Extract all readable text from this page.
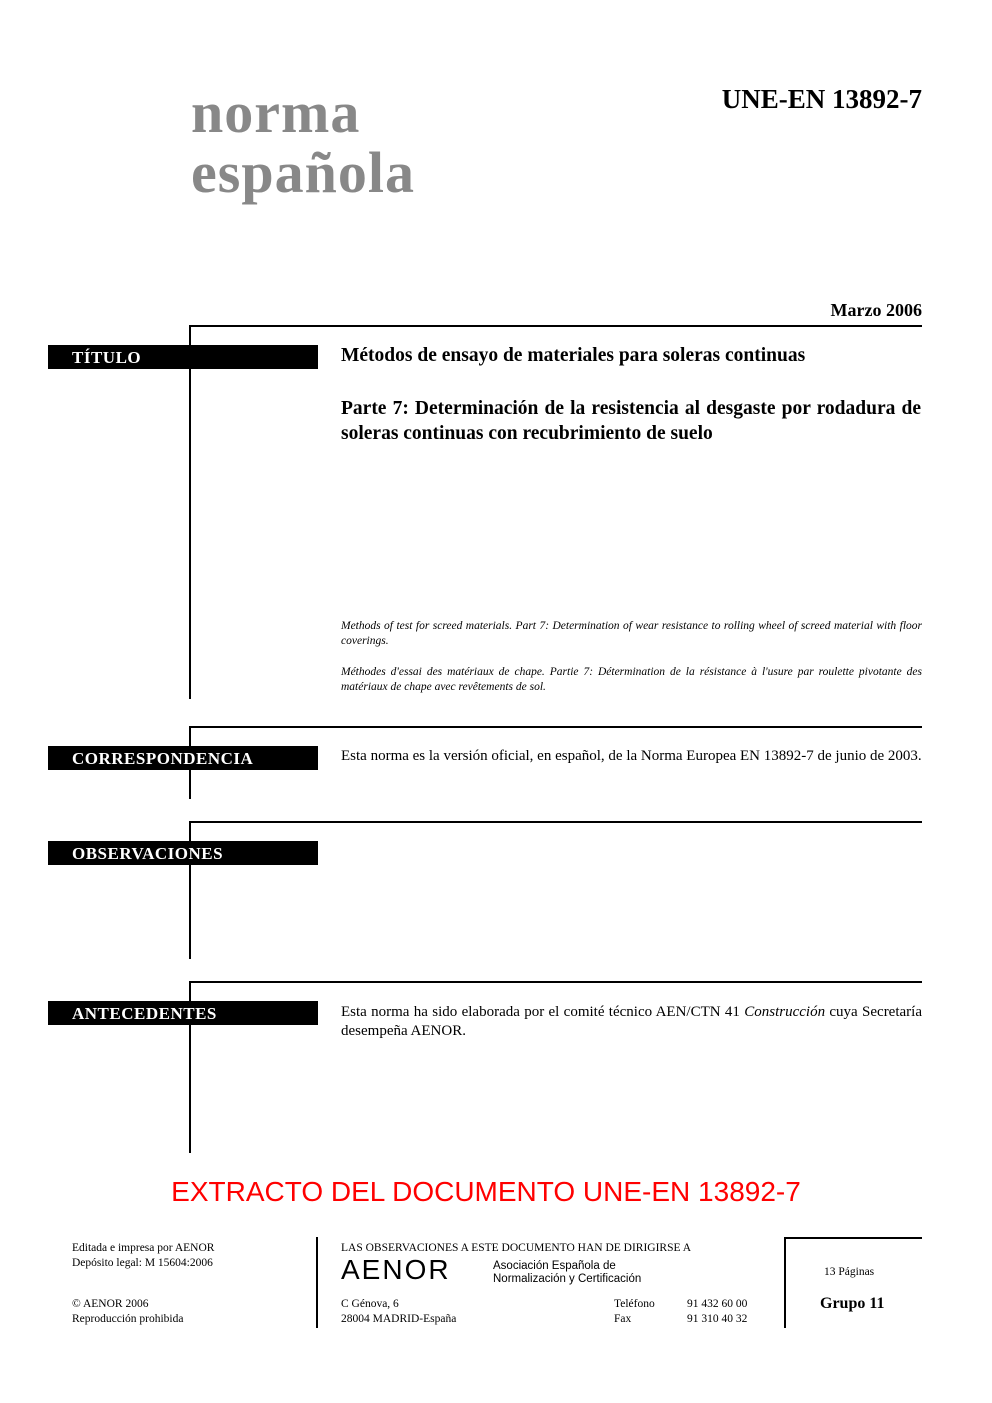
norma
española
UNE-EN 13892-7
Marzo 2006
TÍTULO	Métodos de ensayo de materiales para soleras continuas
Parte 7: Determinación de la resistencia al desgaste por rodadura de soleras continuas con recubrimiento de suelo
Methods of test for screed materials. Part 7: Determination of wear resistance to rolling wheel of screed material with floor coverings.
Méthodes d'essai des matériaux de chape. Partie 7: Détermination de la résistance à l'usure par roulette pivotante des matériaux de chape avec revêtements de sol.
CORRESPONDENCIA	Esta norma es la versión oficial, en español, de la Norma Europea EN 13892-7 de junio de 2003.
OBSERVACIONES
ANTECEDENTES	Esta norma ha sido elaborada por el comité técnico AEN/CTN 41 Construcción cuya Secretaría desempeña AENOR.
EXTRACTO DEL DOCUMENTO UNE-EN 13892-7
Editada e impresa por AENOR
Depósito legal: M 15604:2006
© AENOR 2006
Reproducción prohibida
LAS OBSERVACIONES A ESTE DOCUMENTO HAN DE DIRIGIRSE A
AENOR	Asociación Española de
Normalización y Certificación
C Génova, 6
28004 MADRID-España
Teléfono	91 432 60 00
Fax	91 310 40 32
13 Páginas
Grupo 11
